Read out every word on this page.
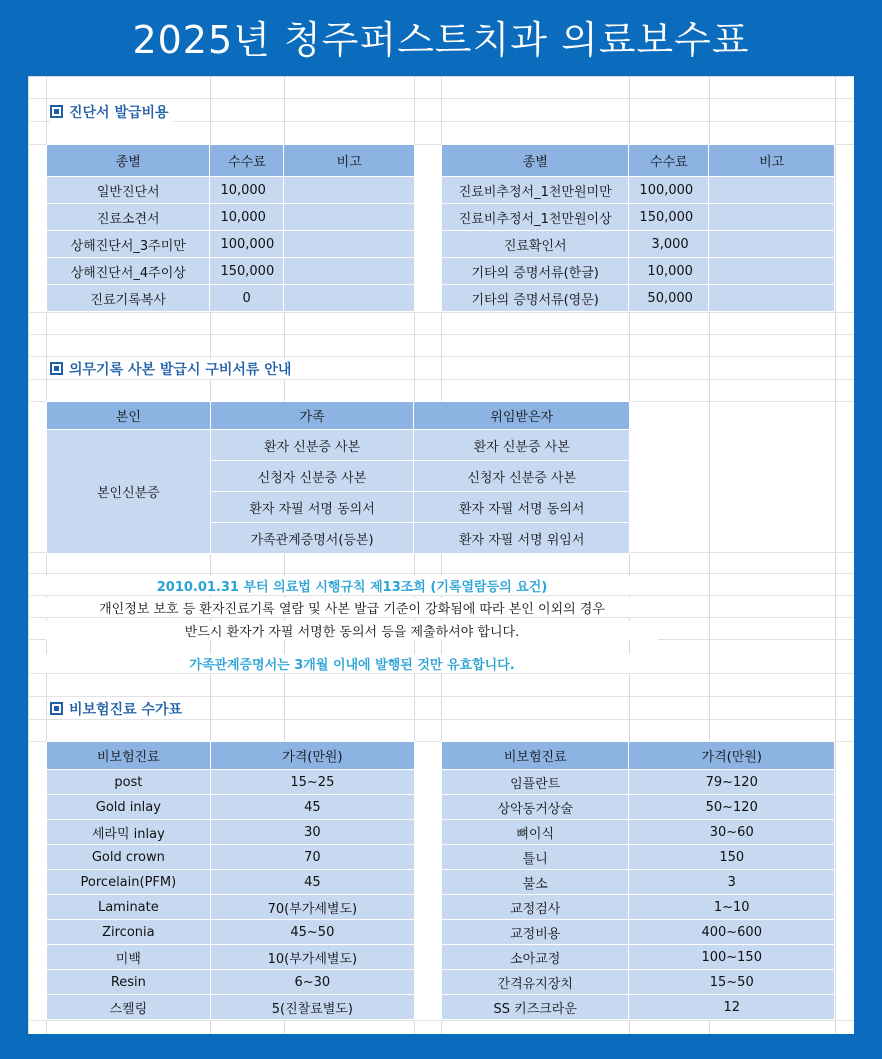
2025년 청주퍼스트치과 의료보수표
진단서 발급비용
종별	수수료	비고
일반진단서	10,000	
진료소견서	10,000	
상해진단서_3주미만	100,000	
상해진단서_4주이상	150,000	
진료기록복사	0	
종별	수수료	비고
진료비추정서_1천만원미만	100,000	
진료비추정서_1천만원이상	150,000	
진료확인서	3,000	
기타의 증명서류(한글)	10,000	
기타의 증명서류(영문)	50,000	
의무기록 사본 발급시 구비서류 안내
본인	가족	위임받은자
본인신분증	환자 신분증 사본	환자 신분증 사본
	신청자 신분증 사본	신청자 신분증 사본
	환자 자필 서명 동의서	환자 자필 서명 동의서
	가족관계증명서(등본)	환자 자필 서명 위임서
2010.01.31 부터 의료법 시행규칙 제13조희 (기록열람등의 요건)
개인정보 보호 등 환자진료기록 열람 및 사본 발급 기준이 강화됨에 따라 본인 이외의 경우
반드시 환자가 자필 서명한 동의서 등을 제출하셔야 합니다.
가족관계증명서는 3개월 이내에 발행된 것만 유효합니다.
비보험진료 수가표
비보험진료	가격(만원)
post	15~25
Gold inlay	45
세라믹 inlay	30
Gold crown	70
Porcelain(PFM)	45
Laminate	70(부가세별도)
Zirconia	45~50
미백	10(부가세별도)
Resin	6~30
스켈링	5(진찰료별도)
비보험진료	가격(만원)
임플란트	79~120
상악동거상술	50~120
뼈이식	30~60
틀니	150
불소	3
교정검사	1~10
교정비용	400~600
소아교정	100~150
간격유지장치	15~50
SS 키즈크라운	12
